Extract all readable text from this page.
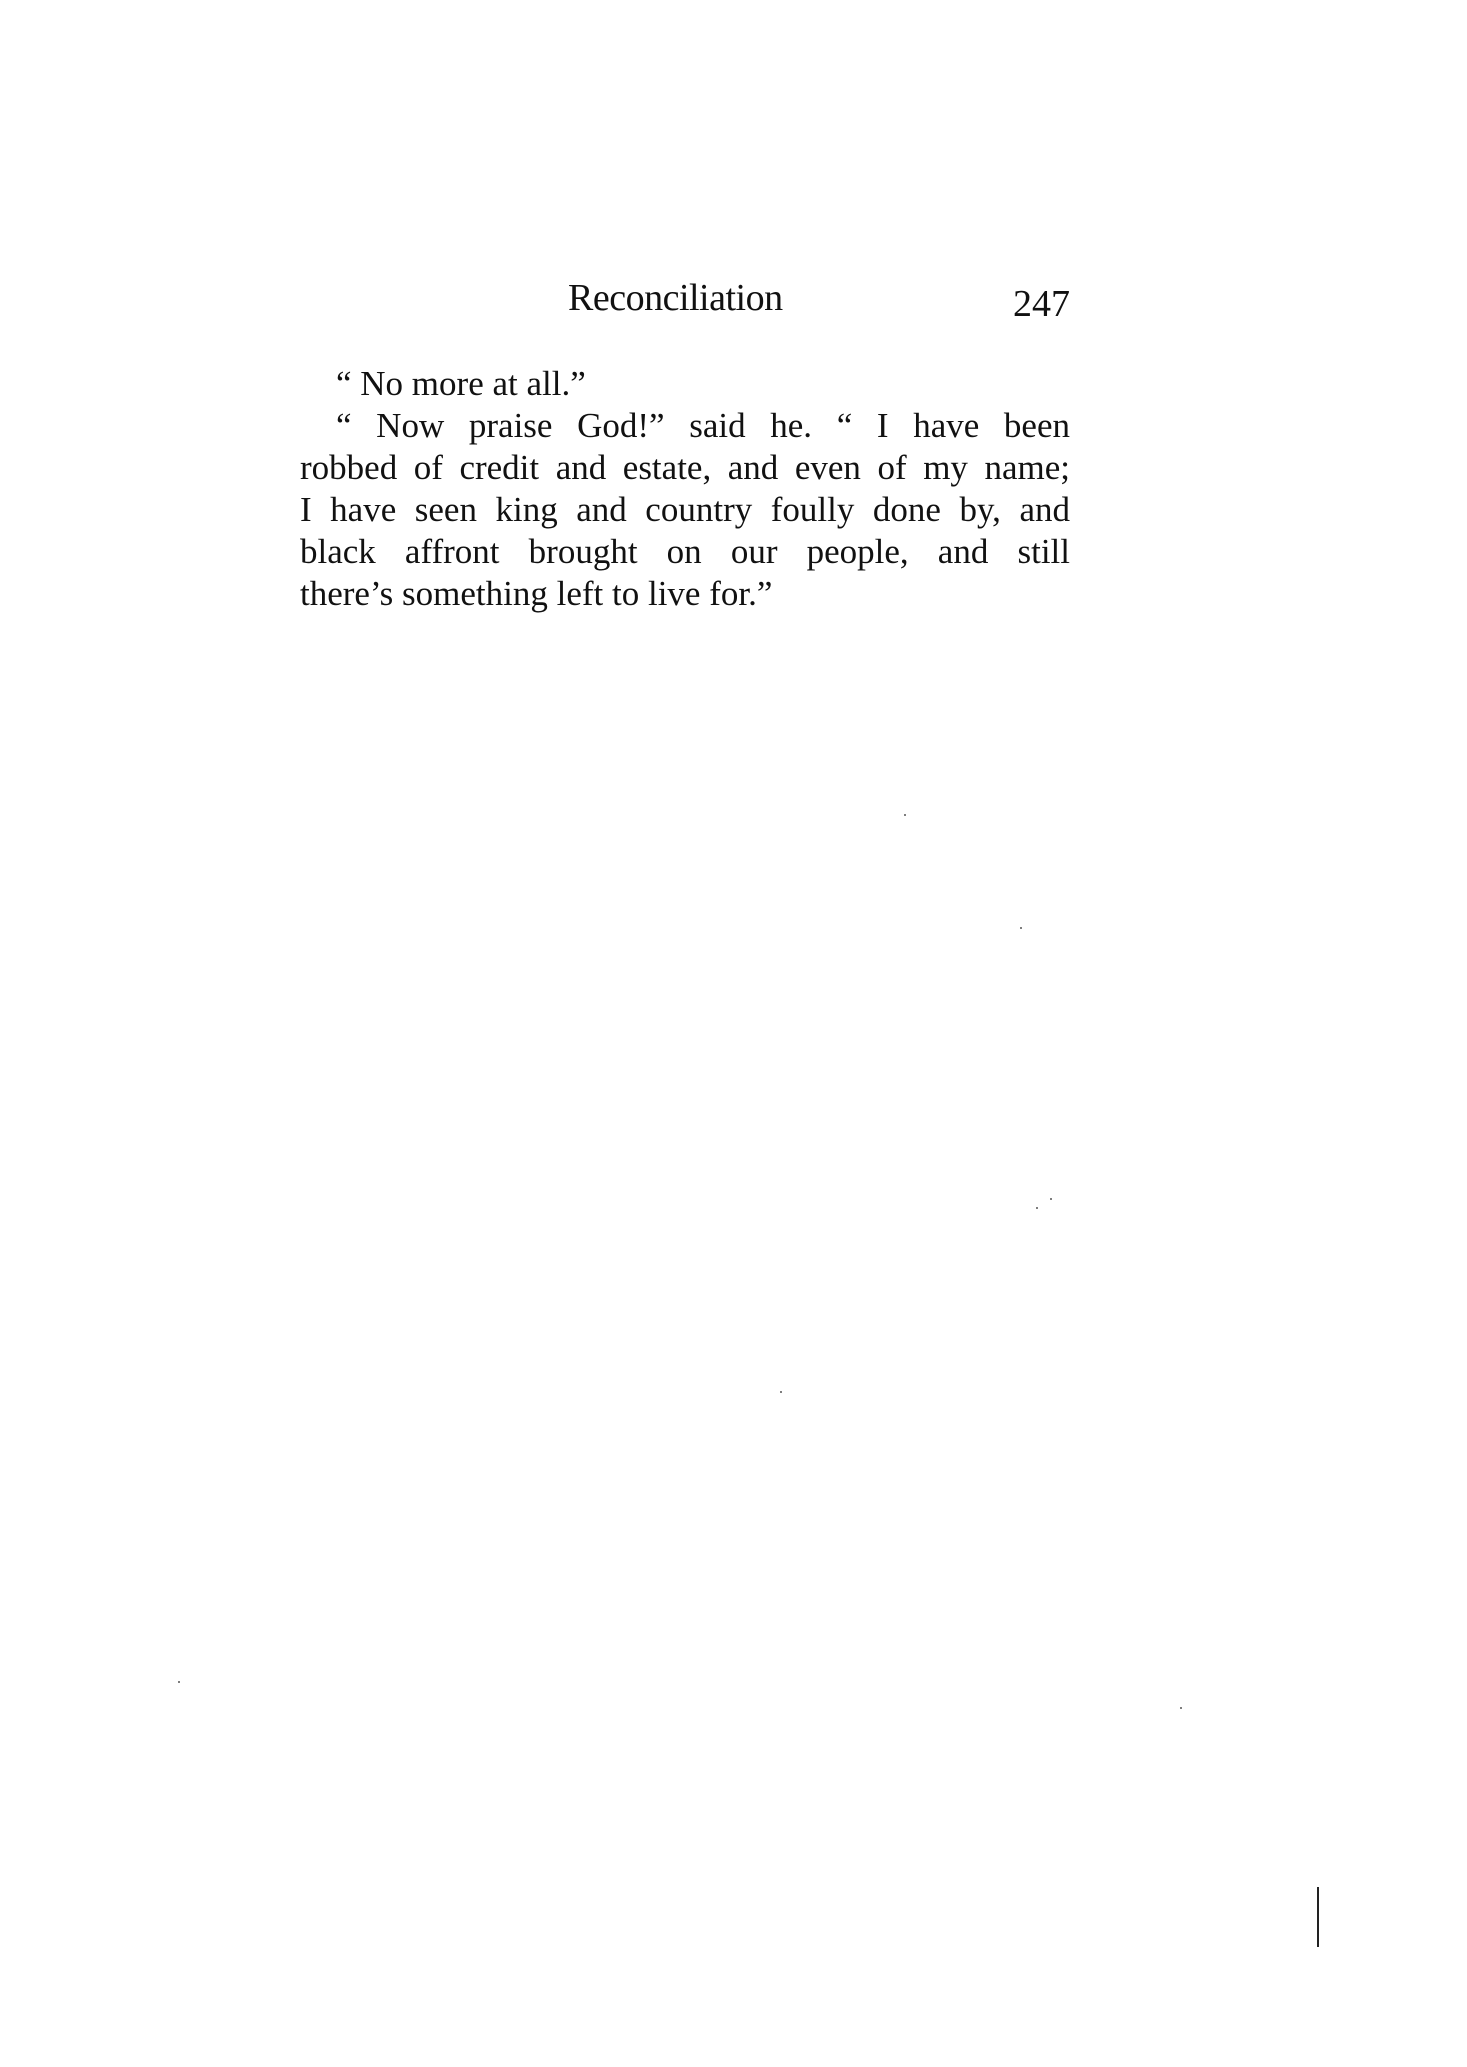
Reconciliation	247
“ No more at all.”
“ Now praise God!” said he. “ I have been
robbed of credit and estate, and even of my name;
I have seen king and country foully done by, and
black affront brought on our people, and still
there’s something left to live for.”
